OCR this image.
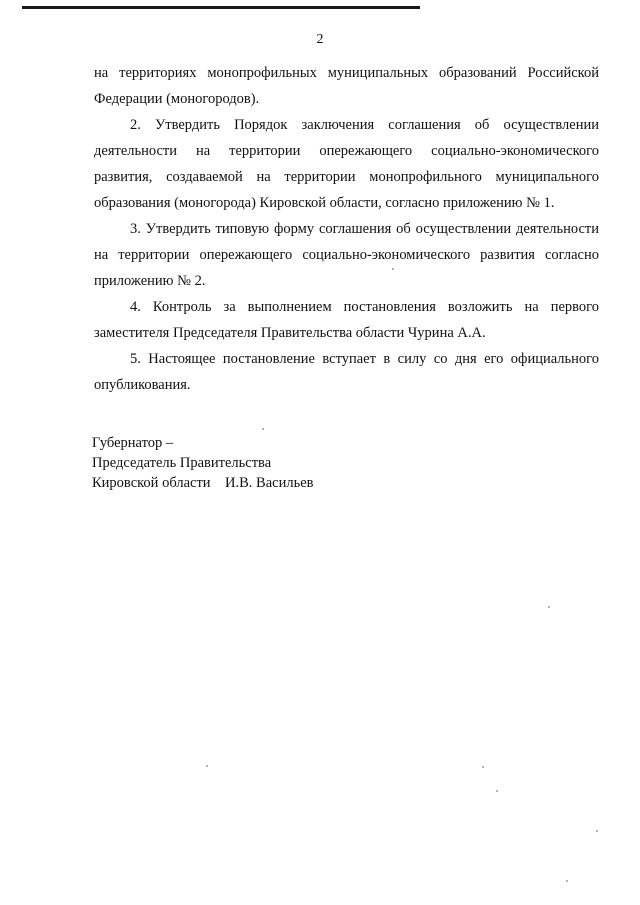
2

на территориях монопрофильных муниципальных образований Российской Федерации (моногородов).

2. Утвердить Порядок заключения соглашения об осуществлении деятельности на территории опережающего социально-экономического развития, создаваемой на территории монопрофильного муниципального образования (моногорода) Кировской области, согласно приложению № 1.

3. Утвердить типовую форму соглашения об осуществлении деятельности на территории опережающего социально-экономического развития согласно приложению № 2.

4. Контроль за выполнением постановления возложить на первого заместителя Председателя Правительства области Чурина А.А.

5. Настоящее постановление вступает в силу со дня его официального опубликования.

Губернатор –
Председатель Правительства
Кировской области    И.В. Васильев
